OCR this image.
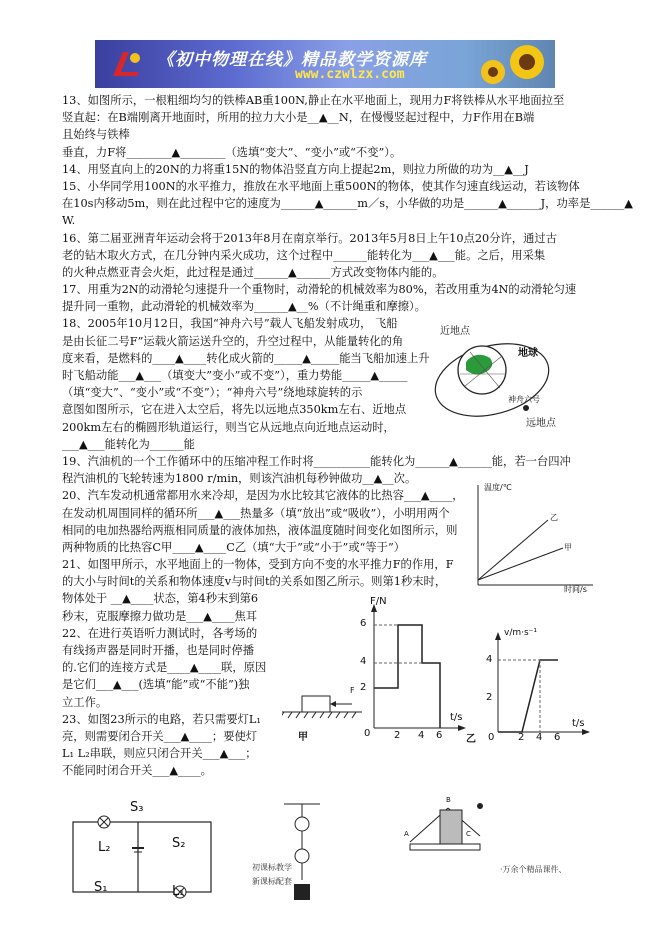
《初中物理在线》精品教学资源库
www.czwlzx.com
13、如图所示，一根粗细均匀的铁棒AB重100N,静止在水平地面上，现用力F将铁棒从水平地面拉至
竖直起：在B端刚离开地面时，所用的拉力大小是__▲__N，在慢慢竖起过程中，力F作用在B端
且始终与铁棒
垂直，力F将________▲________（选填“变大”、“变小”或“不变”）。
14、用竖直向上的20N的力将重15N的物体沿竖直方向上提起2m，则拉力所做的功为__▲__J
15、小华同学用100N的水平推力，推放在水平地面上重500N的物体，使其作匀速直线运动，若该物体
在10s内移动5m，则在此过程中它的速度为______▲______m／s，小华做的功是______▲______J，功率是______▲
W.
16、第二届亚洲青年运动会将于2013年8月在南京举行。2013年5月8日上午10点20分许，通过古
老的钻木取火方式，在几分钟内采火成功，这个过程中______能转化为___▲___能。之后，用采集
的火种点燃亚青会火炬，此过程是通过______▲______方式改变物体内能的。
17、用重为2N的动滑轮匀速提升一个重物时，动滑轮的机械效率为80%，若改用重为4N的动滑轮匀速
提升同一重物，此动滑轮的机械效率为______▲__%（不计绳重和摩擦）。
18、2005年10月12日，我国“神舟六号”载人飞船发射成功， 飞船
是由长征二号F”运载火箭运送升空的，升空过程中，从能量转化的角
度来看，是燃料的____▲____转化成火箭的_____▲_____能当飞船加速上升
时飞船动能___▲___（填变大”变小”或不变”），重力势能_____▲_____
（填“变大”、“变小”或“不变”）；“神舟六号”绕地球旋转的示
意图如图所示，它在进入太空后，将先以远地点350km左右、近地点
200km左右的椭圆形轨道运行，则当它从远地点向近地点运动时，
___▲___能转化为______能
19、汽油机的一个工作循环中的压缩冲程工作时将__________能转化为______▲______能，若一台四冲
程汽油机的飞轮转速为1800 r/min，则该汽油机每秒钟做功__▲__次。
20、汽车发动机通常都用水来冷却，是因为水比较其它液体的比热容___▲____，
在发动机周围同样的循环所___▲___热量多（填“放出”或“吸收”），小明用两个
相同的电加热器给两瓶相同质量的液体加热，液体温度随时间变化如图所示，则
两种物质的比热容C甲____▲____C乙（填“大于”或“小于”或“等于”）
21、如图甲所示，水平地面上的一物体，受到方向不变的水平推力F的作用，F
的大小与时间t的关系和物体速度v与时间t的关系如图乙所示。则第1秒末时，
物体处于 __▲____状态，第4秒末到第6
秒末，克服摩擦力做功是___▲____焦耳
22、在进行英语听力测试时，各考场的
有线扬声器是同时开播，也是同时停播
的.它们的连接方式是____▲____联，原因
是它们___▲___(选填“能”或“不能”)独
立工作。
23、如图23所示的电路，若只需要灯L₁
亮，则需要闭合开关___▲____；要使灯
L₁ L₂串联，则应只闭合开关___▲___；
不能同时闭合开关___▲____。
近地点
地球
神舟六号
远地点
温度/℃
乙
甲
时间/s
F/N
6
4
2
0 2 4 6
t/s
v/m·s⁻¹
4
2
0 2 4 6
t/s
F
甲	乙
S₃
L₂	S₂
S₁	L₁
A
B
C
初课标教学
新课标配套
·万余个精品课件、
